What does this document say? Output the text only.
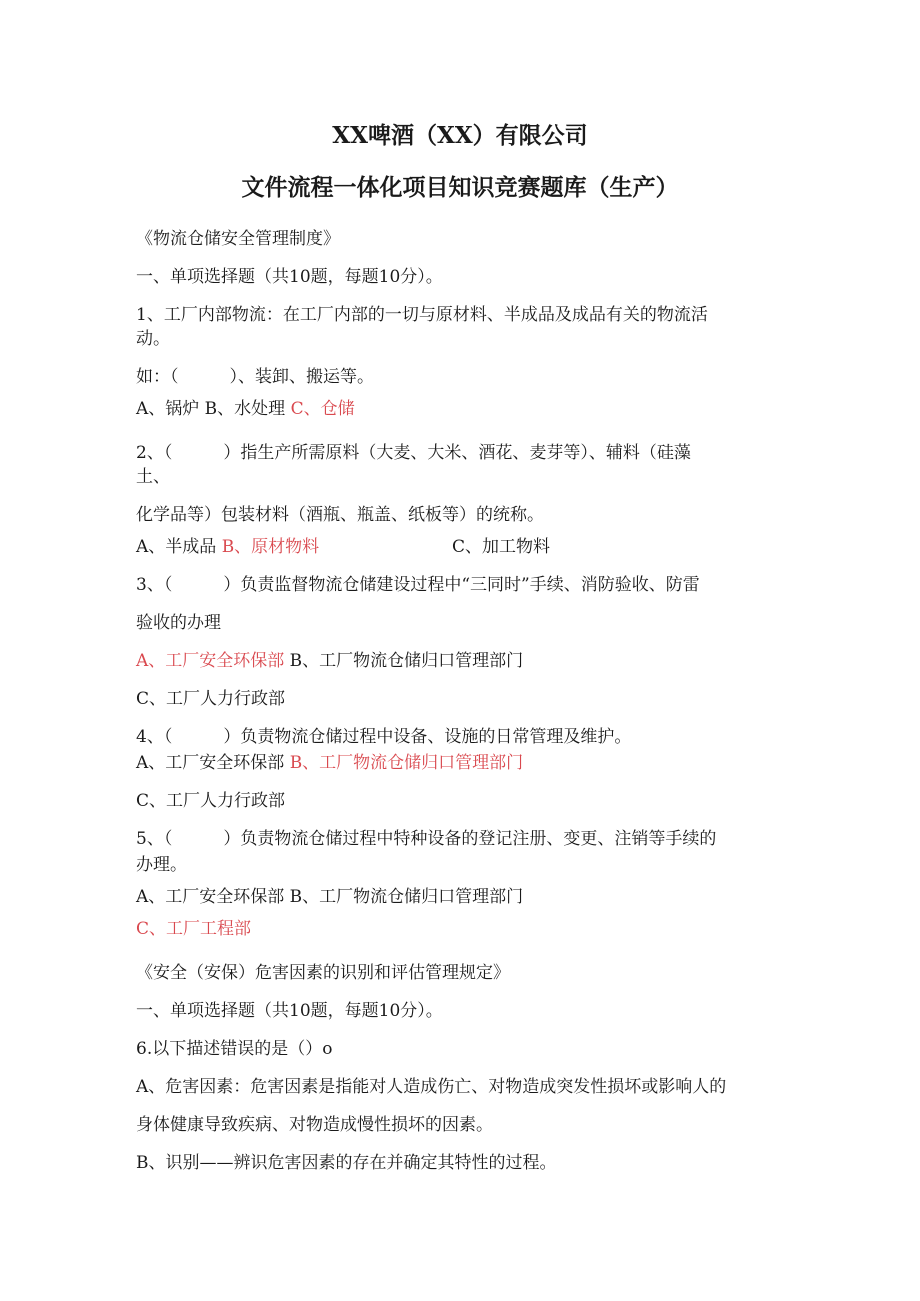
XX啤酒（XX）有限公司
文件流程一体化项目知识竞赛题库（生产）

《物流仓储安全管理制度》

一、单项选择题（共10题，每题10分）。

1、工厂内部物流：在工厂内部的一切与原材料、半成品及成品有关的物流活

动。

如：（　　　）、装卸、搬运等。

A、锅炉 B、水处理 C、仓储

2、（　　　）指生产所需原料（大麦、大米、酒花、麦芽等）、辅料（硅藻

土、

化学品等）包装材料（酒瓶、瓶盖、纸板等）的统称。

A、半成品 B、原材物料	C、加工物料

3、（　　　）负责监督物流仓储建设过程中“三同时”手续、消防验收、防雷

验收的办理

A、工厂安全环保部 B、工厂物流仓储归口管理部门

C、工厂人力行政部

4、（　　　）负责物流仓储过程中设备、设施的日常管理及维护。

A、工厂安全环保部 B、工厂物流仓储归口管理部门

C、工厂人力行政部

5、（　　　）负责物流仓储过程中特种设备的登记注册、变更、注销等手续的

办理。

A、工厂安全环保部 B、工厂物流仓储归口管理部门

C、工厂工程部

《安全（安保）危害因素的识别和评估管理规定》

一、单项选择题（共10题，每题10分）。

6.以下描述错误的是（）o

A、危害因素：危害因素是指能对人造成伤亡、对物造成突发性损坏或影响人的

身体健康导致疾病、对物造成慢性损坏的因素。

B、识别——辨识危害因素的存在并确定其特性的过程。
